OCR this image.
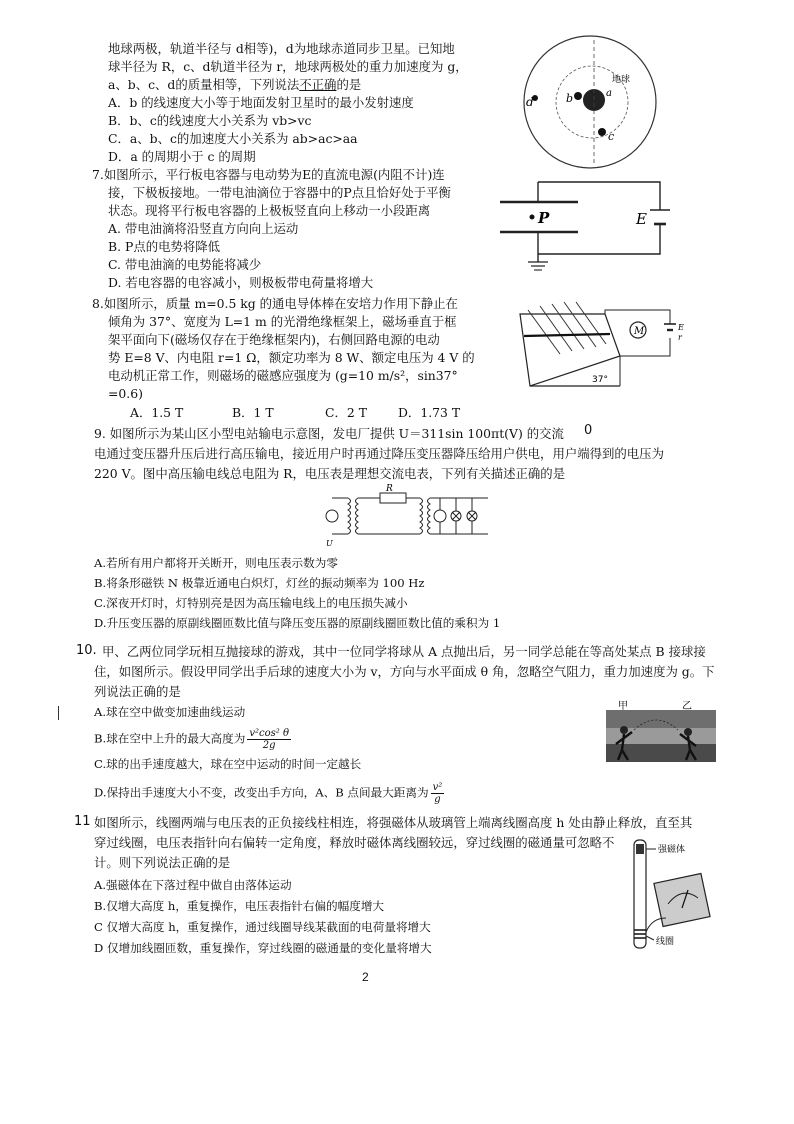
地球两极，轨道半径与 d相等)，d为地球赤道同步卫星。已知地
球半径为 R，c、d轨道半径为 r，地球两极处的重力加速度为 g，
a、b、c、d的质量相等，下列说法不正确的是
A．b 的线速度大小等于地面发射卫星时的最小发射速度
B．b、c的线速度大小关系为 vb>vc
C．a、b、c的加速度大小关系为 ab>ac>aa
D．a 的周期小于 c 的周期
d	b
c
a
地球
7.如图所示，平行板电容器与电动势为E的直流电源(内阻不计)连
接，下极板接地。一带电油滴位于容器中的P点且恰好处于平衡
状态。现将平行板电容器的上极板竖直向上移动一小段距离
A. 带电油滴将沿竖直方向向上运动
B. P点的电势将降低
C. 带电油滴的电势能将减少
D. 若电容器的电容减小，则极板带电荷量将增大
P	E
8.如图所示，质量 m=0.5 kg 的通电导体棒在安培力作用下静止在
倾角为 37°、宽度为 L=1 m 的光滑绝缘框架上，磁场垂直于框
架平面向下(磁场仅存在于绝缘框架内)，右侧回路电源的电动
势 E=8 V、内电阻 r=1 Ω，额定功率为 8 W、额定电压为 4 V 的
电动机正常工作，则磁场的磁感应强度为 (g=10 m/s²，sin37°
=0.6)
A．1.5 T	B．1 T	C．2 T	D．1.73 T
M	E
r
37°
9. 如图所示为某山区小型电站输电示意图，发电厂提供 U＝311sin 100πt(V) 的交流 0
电通过变压器升压后进行高压输电，接近用户时再通过降压变压器降压给用户供电，用户端得到的电压为
220 V。图中高压输电线总电阻为 R，电压表是理想交流电表，下列有关描述正确的是
R
U
A.若所有用户都将开关断开，则电压表示数为零
B.将条形磁铁 N 极靠近通电白炽灯，灯丝的振动频率为 100 Hz
C.深夜开灯时，灯特别亮是因为高压输电线上的电压损失减小
D.升压变压器的原副线圈匝数比值与降压变压器的原副线圈匝数比值的乘积为 1
10. 甲、乙两位同学玩相互抛接球的游戏，其中一位同学将球从 A 点抛出后，另一同学总能在等高处某点 B 接球接
住，如图所示。假设甲同学出手后球的速度大小为 v，方向与水平面成 θ 角，忽略空气阻力，重力加速度为 g。下
列说法正确的是
A.球在空中做变加速曲线运动
B.球在空中上升的最大高度为 $\frac{\text{v²cos² θ}}{2g}$
C.球的出手速度越大，球在空中运动的时间一定越长
D.保持出手速度大小不变，改变出手方向，A、B 点间最大距离为 $\frac{\text{v²}}{g}$
甲	乙
11 如图所示，线圈两端与电压表的正负接线柱相连，将强磁体从玻璃管上端离线圈高度 h 处由静止释放，直至其
穿过线圈，电压表指针向右偏转一定角度，释放时磁体离线圈较远，穿过线圈的磁通量可忽略不
计。则下列说法正确的是
A.强磁体在下落过程中做自由落体运动
B.仅增大高度 h，重复操作，电压表指针右偏的幅度增大
C 仅增大高度 h，重复操作，通过线圈导线某截面的电荷量将增大
D 仅增加线圈匝数，重复操作，穿过线圈的磁通量的变化量将增大
强磁体
线圈
2
